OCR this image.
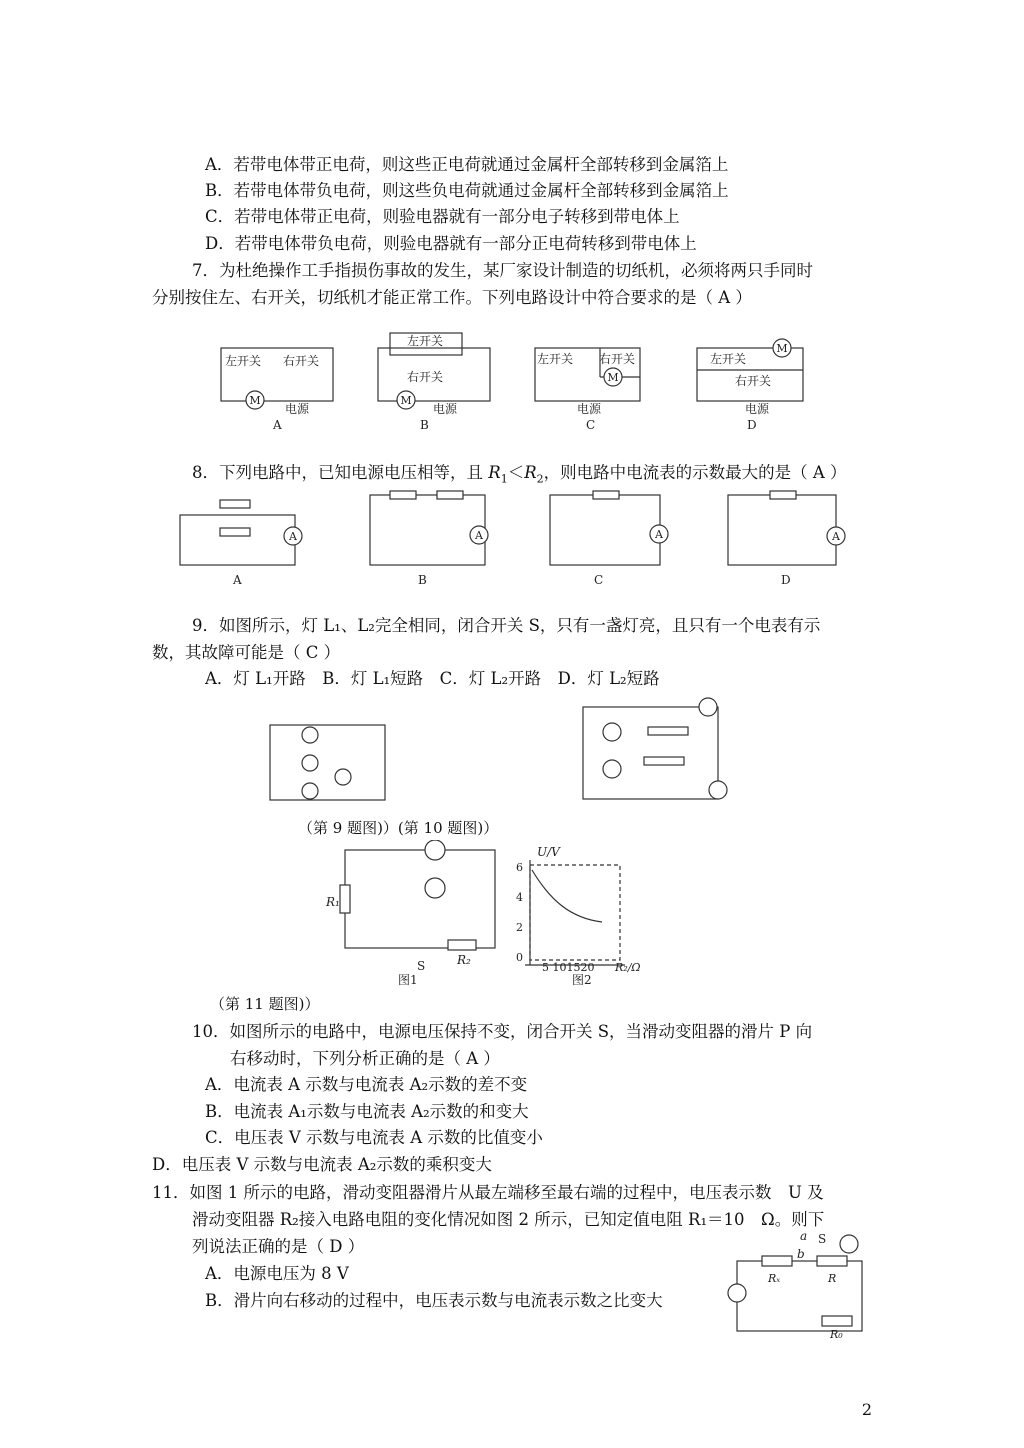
A．若带电体带正电荷，则这些正电荷就通过金属杆全部转移到金属箔上
B．若带电体带负电荷，则这些负电荷就通过金属杆全部转移到金属箔上
C．若带电体带正电荷，则验电器就有一部分电子转移到带电体上
D．若带电体带负电荷，则验电器就有一部分正电荷转移到带电体上
7．为杜绝操作工手指损伤事故的发生，某厂家设计制造的切纸机，必须将两只手同时
分别按住左、右开关，切纸机才能正常工作。下列电路设计中符合要求的是（ A ）
M	M
M
M
左开关 右开关
左开关
右开关
左开关 右开关	左开关
右开关
电源	电源	电源	电源
A	B	C	D
8．下列电路中，已知电源电压相等，且 $R_1<R_2$，则电路中电流表的示数最大的是（ A ）
A	A	A	A
A	B	C	D
9．如图所示，灯 L₁、L₂完全相同，闭合开关 S，只有一盏灯亮，且只有一个电表有示
数，其故障可能是（ C ）
A．灯 L₁开路　B．灯 L₁短路　C．灯 L₂开路　D．灯 L₂短路
（第 9 题图)）(第 10 题图)）
S	R₂
R₁
U/V
6
4
2
0
5 101520 R₂/Ω
图1	图2
（第 11 题图)）
10．如图所示的电路中，电源电压保持不变，闭合开关 S，当滑动变阻器的滑片 P 向
右移动时，下列分析正确的是（ A ）
A．电流表 A 示数与电流表 A₂示数的差不变
B．电流表 A₁示数与电流表 A₂示数的和变大
C．电压表 V 示数与电流表 A 示数的比值变小
D．电压表 V 示数与电流表 A₂示数的乘积变大
11．如图 1 所示的电路，滑动变阻器滑片从最左端移至最右端的过程中，电压表示数　U 及
滑动变阻器 R₂接入电路电阻的变化情况如图 2 所示，已知定值电阻 R₁＝10　Ω。则下
列说法正确的是（ D ）
A．电源电压为 8 V
B．滑片向右移动的过程中，电压表示数与电流表示数之比变大
a
b
S
Rₓ	R
R₀
2
